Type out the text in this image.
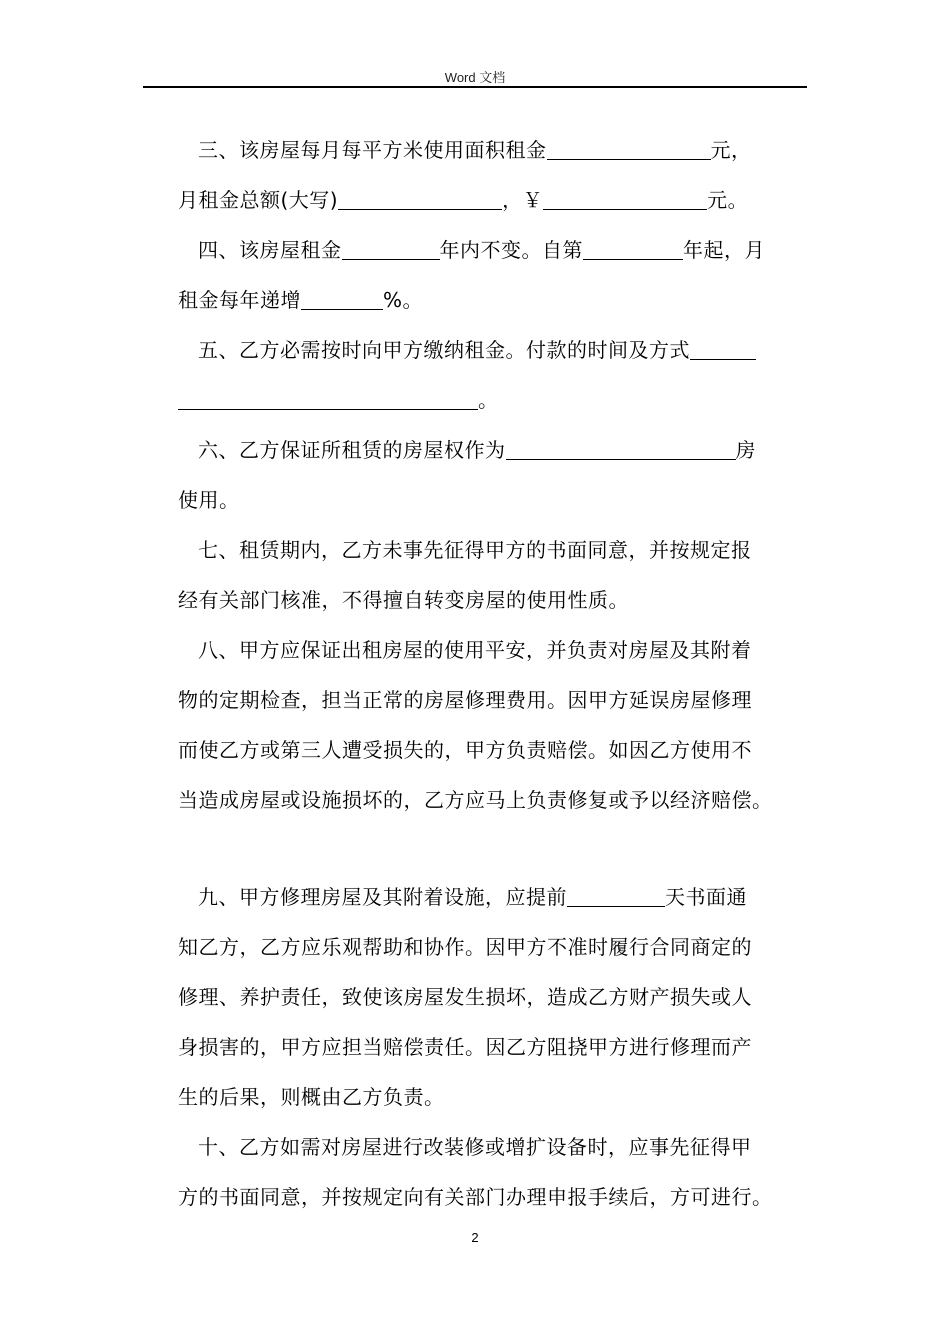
Word 文档
三、该房屋每月每平方米使用面积租金	元，
月租金总额(大写)	，￥	元。
四、该房屋租金	年内不变。自第	年起，月
租金每年递增	%。
五、乙方必需按时向甲方缴纳租金。付款的时间及方式
。
六、乙方保证所租赁的房屋权作为	房
使用。
七、租赁期内，乙方未事先征得甲方的书面同意，并按规定报
经有关部门核准，不得擅自转变房屋的使用性质。
八、甲方应保证出租房屋的使用平安，并负责对房屋及其附着
物的定期检查，担当正常的房屋修理费用。因甲方延误房屋修理
而使乙方或第三人遭受损失的，甲方负责赔偿。如因乙方使用不
当造成房屋或设施损坏的，乙方应马上负责修复或予以经济赔偿。
九、甲方修理房屋及其附着设施，应提前	天书面通
知乙方，乙方应乐观帮助和协作。因甲方不准时履行合同商定的
修理、养护责任，致使该房屋发生损坏，造成乙方财产损失或人
身损害的，甲方应担当赔偿责任。因乙方阻挠甲方进行修理而产
生的后果，则概由乙方负责。
十、乙方如需对房屋进行改装修或增扩设备时，应事先征得甲
方的书面同意，并按规定向有关部门办理申报手续后，方可进行。
2
